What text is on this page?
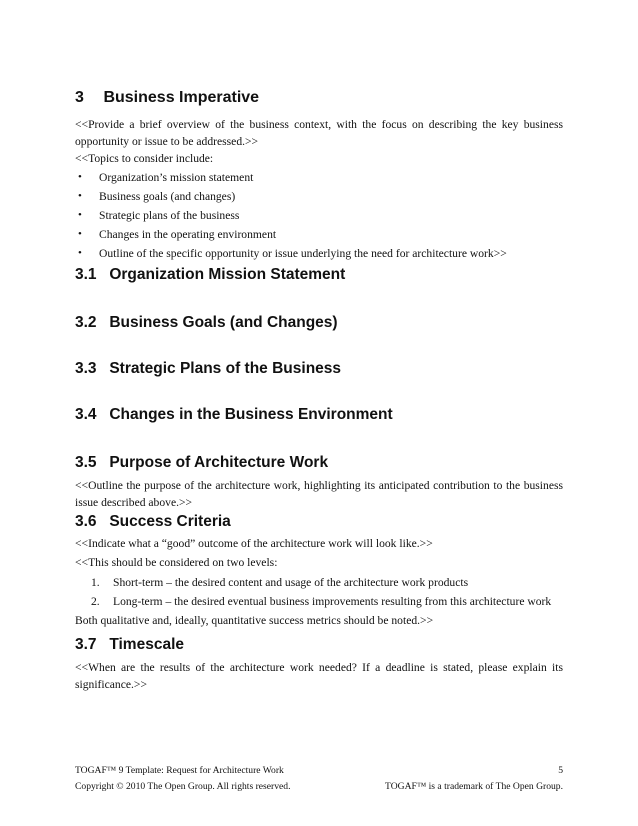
3 Business Imperative
<<Provide a brief overview of the business context, with the focus on describing the key business opportunity or issue to be addressed.>>
<<Topics to consider include:
• Organization’s mission statement
• Business goals (and changes)
• Strategic plans of the business
• Changes in the operating environment
• Outline of the specific opportunity or issue underlying the need for architecture work>>
3.1 Organization Mission Statement
3.2 Business Goals (and Changes)
3.3 Strategic Plans of the Business
3.4 Changes in the Business Environment
3.5 Purpose of Architecture Work
<<Outline the purpose of the architecture work, highlighting its anticipated contribution to the business issue described above.>>
3.6 Success Criteria
<<Indicate what a “good” outcome of the architecture work will look like.>>
<<This should be considered on two levels:
1. Short-term – the desired content and usage of the architecture work products
2. Long-term – the desired eventual business improvements resulting from this architecture work
Both qualitative and, ideally, quantitative success metrics should be noted.>>
3.7 Timescale
<<When are the results of the architecture work needed? If a deadline is stated, please explain its significance.>>
TOGAF™ 9 Template: Request for Architecture Work	5
Copyright © 2010 The Open Group. All rights reserved.	TOGAF™ is a trademark of The Open Group.
